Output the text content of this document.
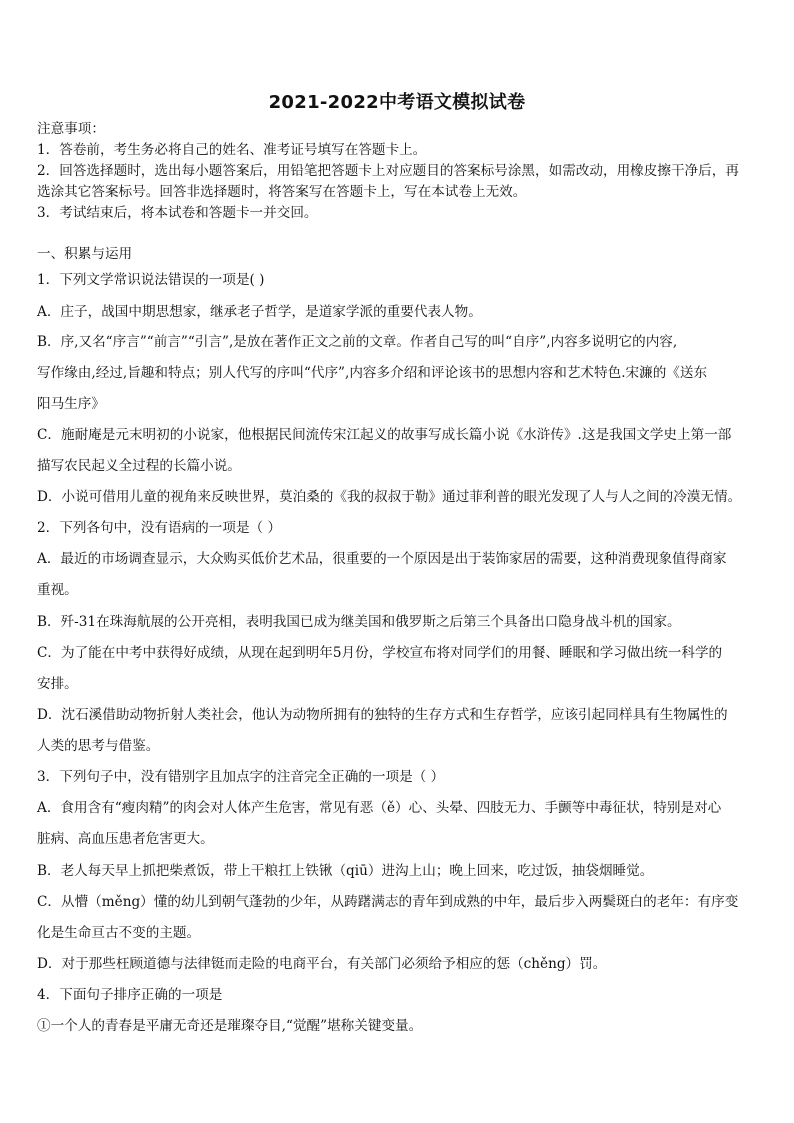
2021-2022中考语文模拟试卷
注意事项：
1．答卷前，考生务必将自己的姓名、准考证号填写在答题卡上。
2．回答选择题时，选出每小题答案后，用铅笔把答题卡上对应题目的答案标号涂黑，如需改动，用橡皮擦干净后，再
选涂其它答案标号。回答非选择题时，将答案写在答题卡上，写在本试卷上无效。
3．考试结束后，将本试卷和答题卡一并交回。
一、积累与运用
1．下列文学常识说法错误的一项是( )
A．庄子，战国中期思想家，继承老子哲学，是道家学派的重要代表人物。
B．序,又名“序言”“前言”“引言”,是放在著作正文之前的文章。作者自己写的叫“自序”,内容多说明它的内容,
写作缘由,经过,旨趣和特点；别人代写的序叫“代序”,内容多介绍和评论该书的思想内容和艺术特色.宋濂的《送东
阳马生序》
C．施耐庵是元末明初的小说家，他根据民间流传宋江起义的故事写成长篇小说《水浒传》.这是我国文学史上第一部
描写农民起义全过程的长篇小说。
D．小说可借用儿童的视角来反映世界，莫泊桑的《我的叔叔于勒》通过菲利普的眼光发现了人与人之间的冷漠无情。
2．下列各句中，没有语病的一项是（ ）
A．最近的市场调查显示，大众购买低价艺术品，很重要的一个原因是出于装饰家居的需要，这种消费现象值得商家
重视。
B．歼-31在珠海航展的公开亮相，表明我国已成为继美国和俄罗斯之后第三个具备出口隐身战斗机的国家。
C．为了能在中考中获得好成绩，从现在起到明年5月份，学校宣布将对同学们的用餐、睡眠和学习做出统一科学的
安排。
D．沈石溪借助动物折射人类社会，他认为动物所拥有的独特的生存方式和生存哲学，应该引起同样具有生物属性的
人类的思考与借鉴。
3．下列句子中，没有错别字且加点字的注音完全正确的一项是（ ）
A．食用含有“瘦肉精”的肉会对人体产生危害，常见有恶（ě）心、头晕、四肢无力、手颤等中毒征状，特别是对心
脏病、高血压患者危害更大。
B．老人每天早上抓把柴煮饭，带上干粮扛上铁锹（qiū）进沟上山；晚上回来，吃过饭，抽袋烟睡觉。
C．从懵（měng）懂的幼儿到朝气蓬勃的少年，从踌躇满志的青年到成熟的中年，最后步入两鬓斑白的老年：有序变
化是生命亘古不变的主题。
D．对于那些枉顾道德与法律铤而走险的电商平台，有关部门必须给予相应的惩（chěng）罚。
4．下面句子排序正确的一项是
①一个人的青春是平庸无奇还是璀璨夺目,“觉醒”堪称关键变量。
